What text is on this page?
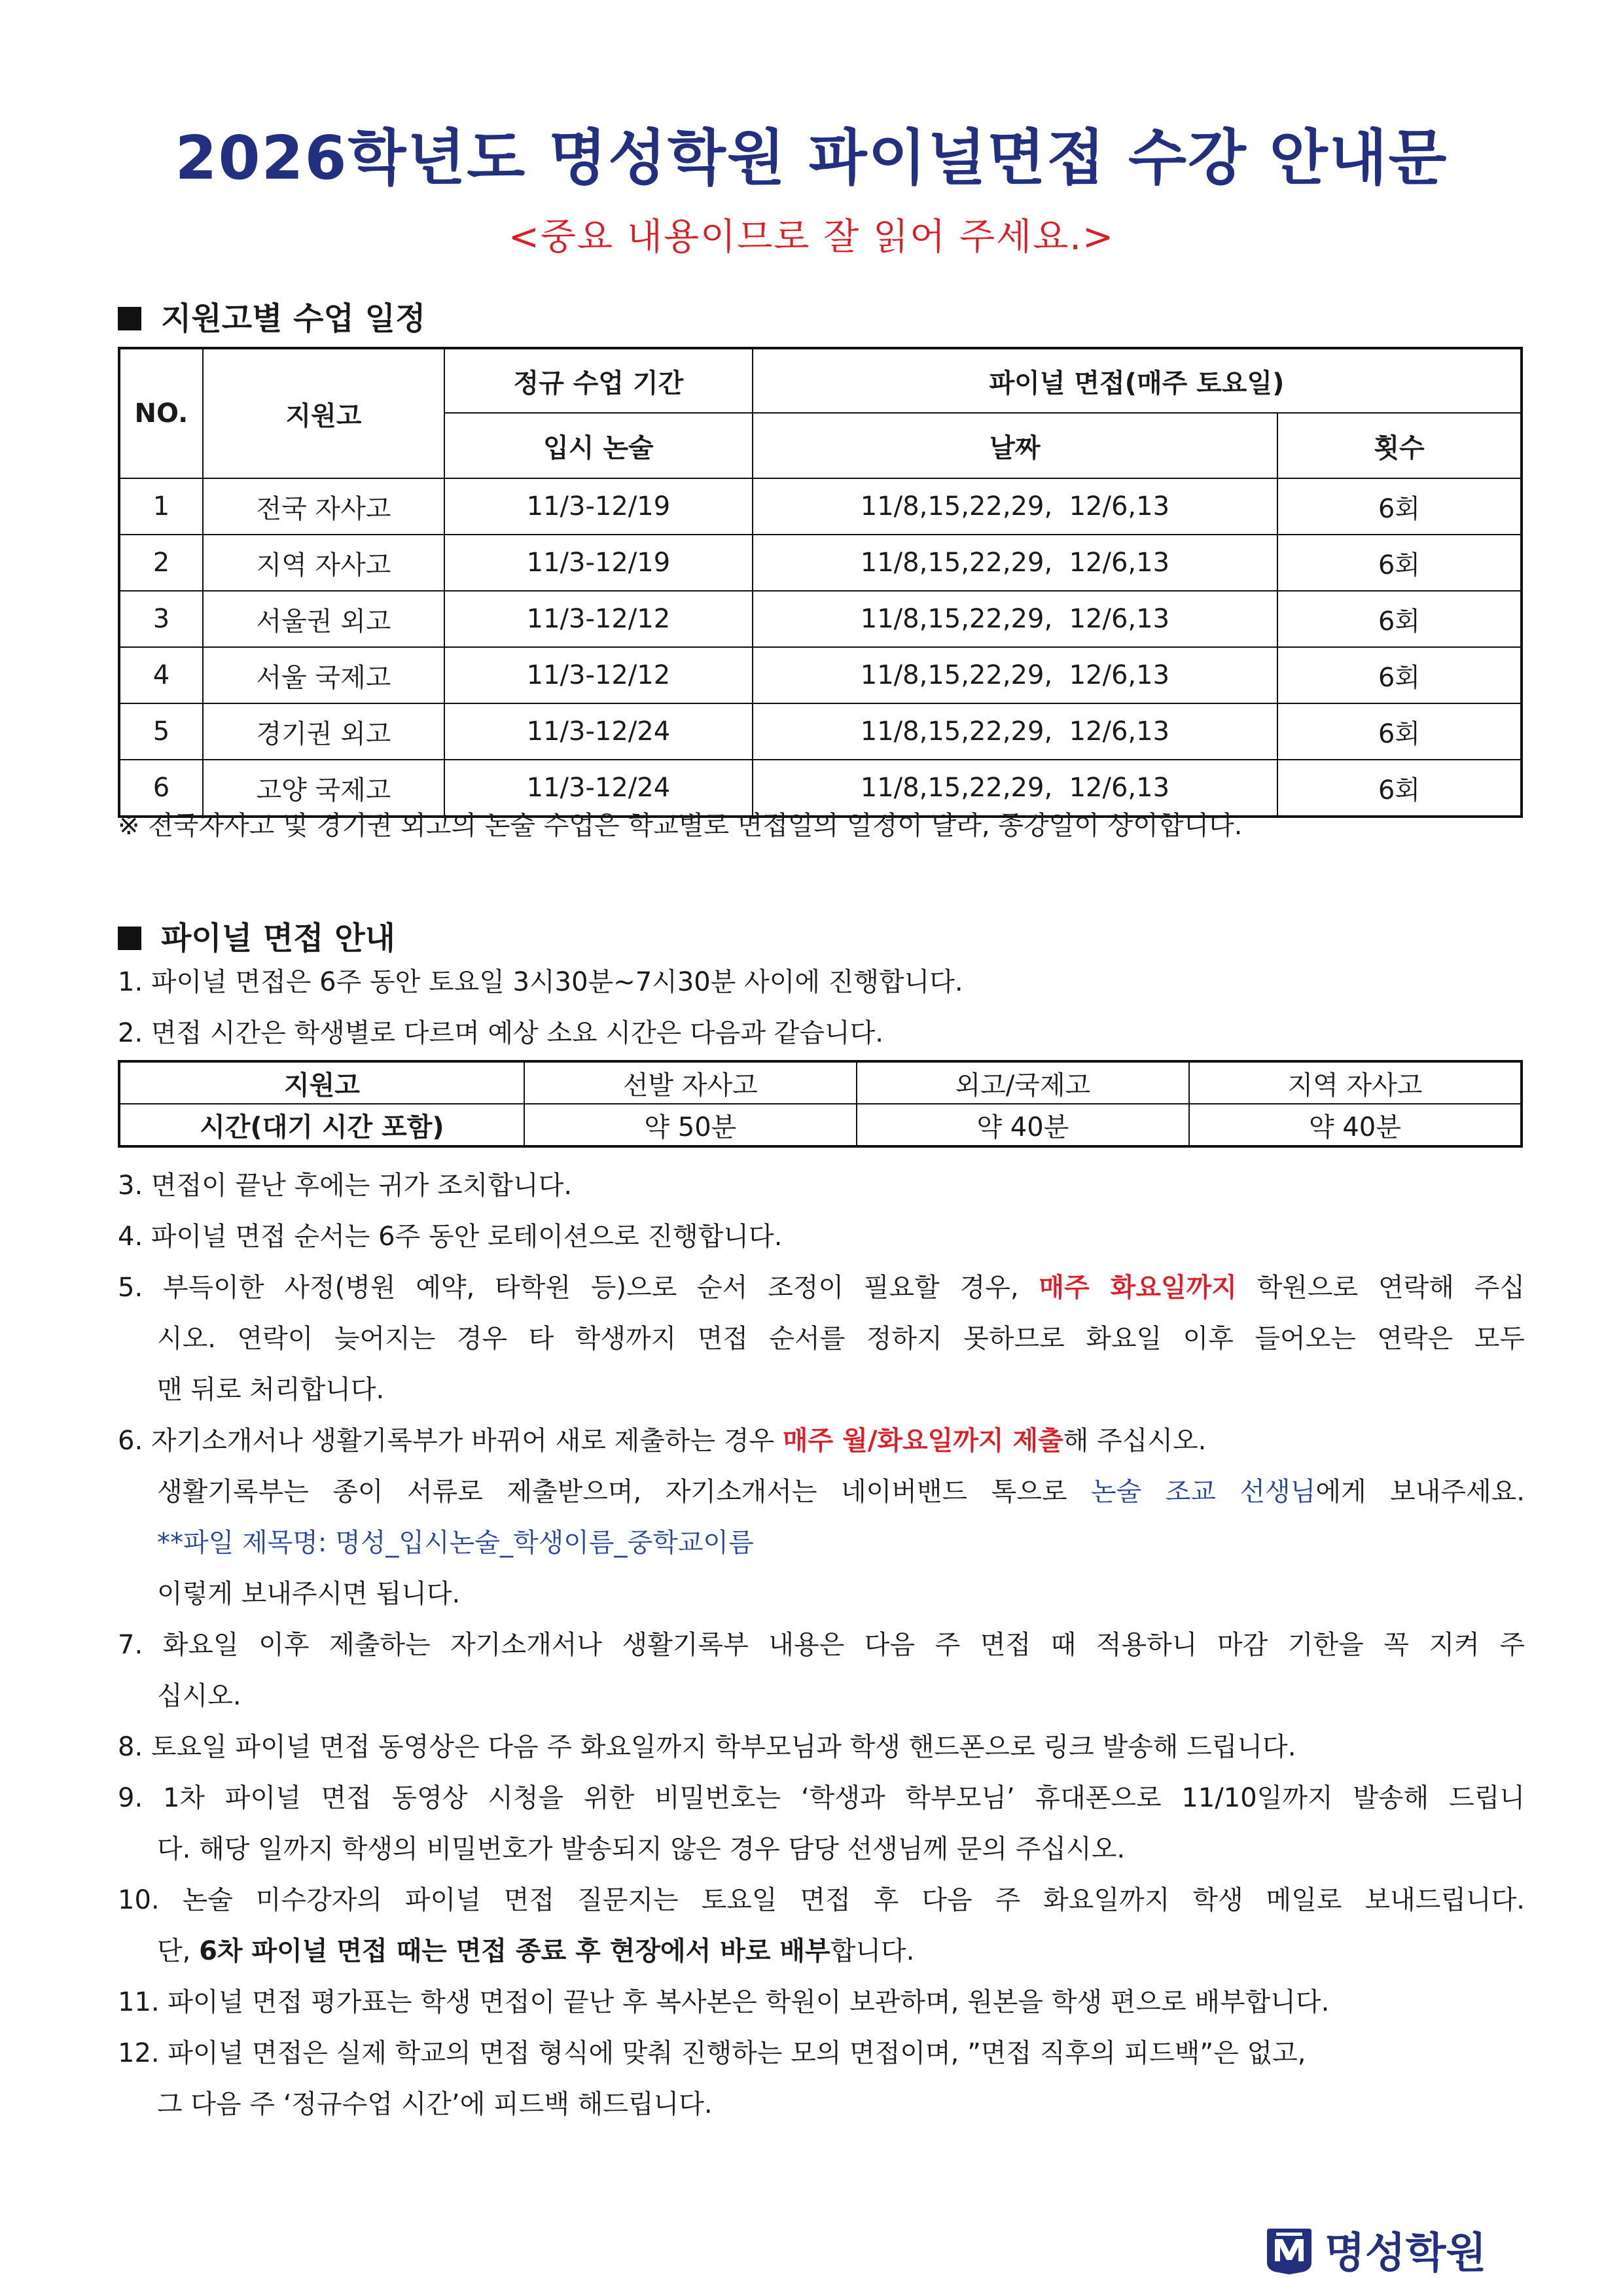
2026학년도 명성학원 파이널면접 수강 안내문

<중요 내용이므로 잘 읽어 주세요.>

지원고별 수업 일정

NO.	지원고	정규 수업 기간	파이널 면접(매주 토요일)	
		입시 논술	날짜	횟수
1	전국 자사고	11/3-12/19	11/8,15,22,29,  12/6,13	6회
2	지역 자사고	11/3-12/19	11/8,15,22,29,  12/6,13	6회
3	서울권 외고	11/3-12/12	11/8,15,22,29,  12/6,13	6회
4	서울 국제고	11/3-12/12	11/8,15,22,29,  12/6,13	6회
5	경기권 외고	11/3-12/24	11/8,15,22,29,  12/6,13	6회
6	고양 국제고	11/3-12/24	11/8,15,22,29,  12/6,13	6회

※ 전국자사고 및 경기권 외고의 논술 수업은 학교별로 면접일의 일정이 달라, 종강일이 상이합니다.

파이널 면접 안내

1. 파이널 면접은 6주 동안 토요일 3시30분~7시30분 사이에 진행합니다.

2. 면접 시간은 학생별로 다르며 예상 소요 시간은 다음과 같습니다.

지원고	선발 자사고	외고/국제고	지역 자사고
시간(대기 시간 포함)	약 50분	약 40분	약 40분

3. 면접이 끝난 후에는 귀가 조치합니다.

4. 파이널 면접 순서는 6주 동안 로테이션으로 진행합니다.

5. 부득이한 사정(병원 예약, 타학원 등)으로 순서 조정이 필요할 경우, 매주 화요일까지 학원으로 연락해 주십

시오. 연락이 늦어지는 경우 타 학생까지 면접 순서를 정하지 못하므로 화요일 이후 들어오는 연락은 모두

맨 뒤로 처리합니다.

6. 자기소개서나 생활기록부가 바뀌어 새로 제출하는 경우 매주 월/화요일까지 제출해 주십시오.

생활기록부는 종이 서류로 제출받으며, 자기소개서는 네이버밴드 톡으로 논술 조교 선생님에게 보내주세요.

**파일 제목명: 명성_입시논술_학생이름_중학교이름

이렇게 보내주시면 됩니다.

7. 화요일 이후 제출하는 자기소개서나 생활기록부 내용은 다음 주 면접 때 적용하니 마감 기한을 꼭 지켜 주

십시오.

8. 토요일 파이널 면접 동영상은 다음 주 화요일까지 학부모님과 학생 핸드폰으로 링크 발송해 드립니다.

9. 1차 파이널 면접 동영상 시청을 위한 비밀번호는 ‘학생과 학부모님’ 휴대폰으로 11/10일까지 발송해 드립니

다. 해당 일까지 학생의 비밀번호가 발송되지 않은 경우 담당 선생님께 문의 주십시오.

10. 논술 미수강자의 파이널 면접 질문지는 토요일 면접 후 다음 주 화요일까지 학생 메일로 보내드립니다.

단, 6차 파이널 면접 때는 면접 종료 후 현장에서 바로 배부합니다.

11. 파이널 면접 평가표는 학생 면접이 끝난 후 복사본은 학원이 보관하며, 원본을 학생 편으로 배부합니다.

12. 파이널 면접은 실제 학교의 면접 형식에 맞춰 진행하는 모의 면접이며, ”면접 직후의 피드백”은 없고,

그 다음 주 ‘정규수업 시간’에 피드백 해드립니다.

명성학원
